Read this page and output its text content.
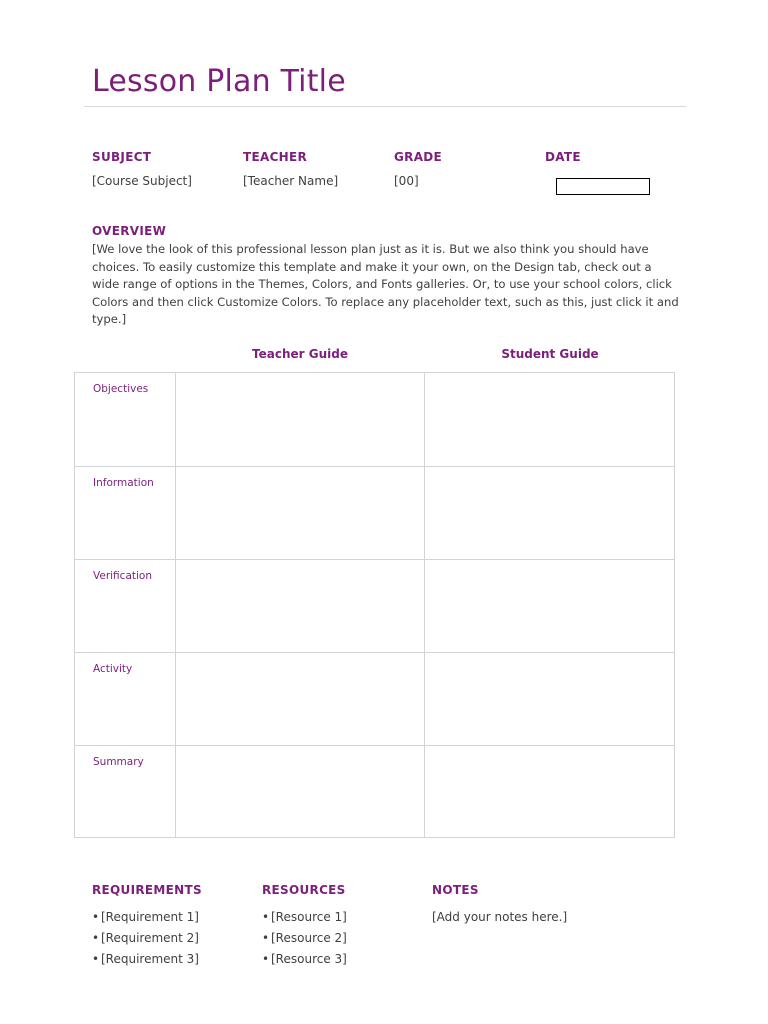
Lesson Plan Title
SUBJECT
[Course Subject]
TEACHER
[Teacher Name]
GRADE
[00]
DATE
OVERVIEW
[We love the look of this professional lesson plan just as it is. But we also think you should have choices. To easily customize this template and make it your own, on the Design tab, check out a wide range of options in the Themes, Colors, and Fonts galleries. Or, to use your school colors, click Colors and then click Customize Colors. To replace any placeholder text, such as this, just click it and type.]
Teacher Guide	Student Guide
Objectives
Information
Verification
Activity
Summary
REQUIREMENTS
• [Requirement 1]
• [Requirement 2]
• [Requirement 3]
RESOURCES
• [Resource 1]
• [Resource 2]
• [Resource 3]
NOTES
[Add your notes here.]
